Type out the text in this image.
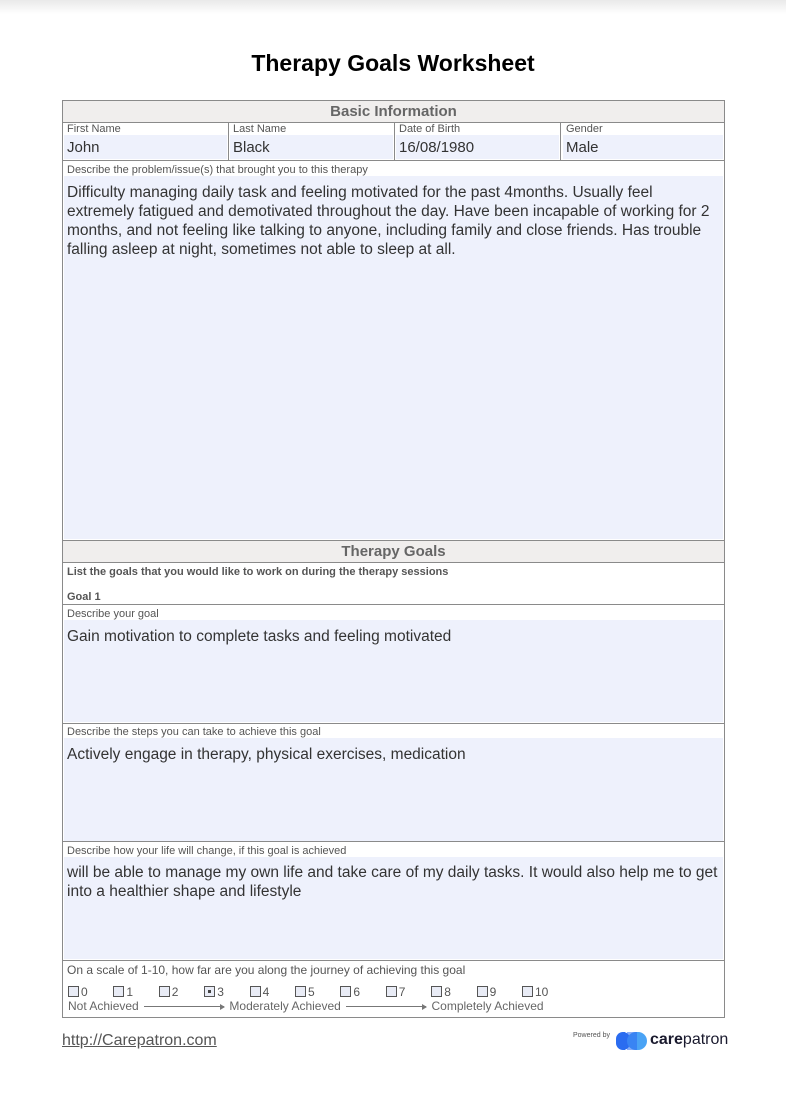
Therapy Goals Worksheet
Basic Information
First Name	Last Name	Date of Birth	Gender
John	Black	16/08/1980	Male
Describe the problem/issue(s) that brought you to this therapy
Difficulty managing daily task and feeling motivated for the past 4months. Usually feel extremely fatigued and demotivated throughout the day. Have been incapable of working for 2 months, and not feeling like talking to anyone, including family and close friends. Has trouble falling asleep at night, sometimes not able to sleep at all.
Therapy Goals
List the goals that you would like to work on during the therapy sessions
Goal 1
Describe your goal
Gain motivation to complete tasks and feeling motivated
Describe the steps you can take to achieve this goal
Actively engage in therapy, physical exercises, medication
Describe how your life will change, if this goal is achieved
will be able to manage my own life and take care of my daily tasks. It would also help me to get into a healthier shape and lifestyle
On a scale of 1-10, how far are you along the journey of achieving this goal
0	1	2	3	4	5	6	7	8	9	10
Not Achieved	Moderately Achieved	Completely Achieved
http://Carepatron.com	Powered by	carepatron
